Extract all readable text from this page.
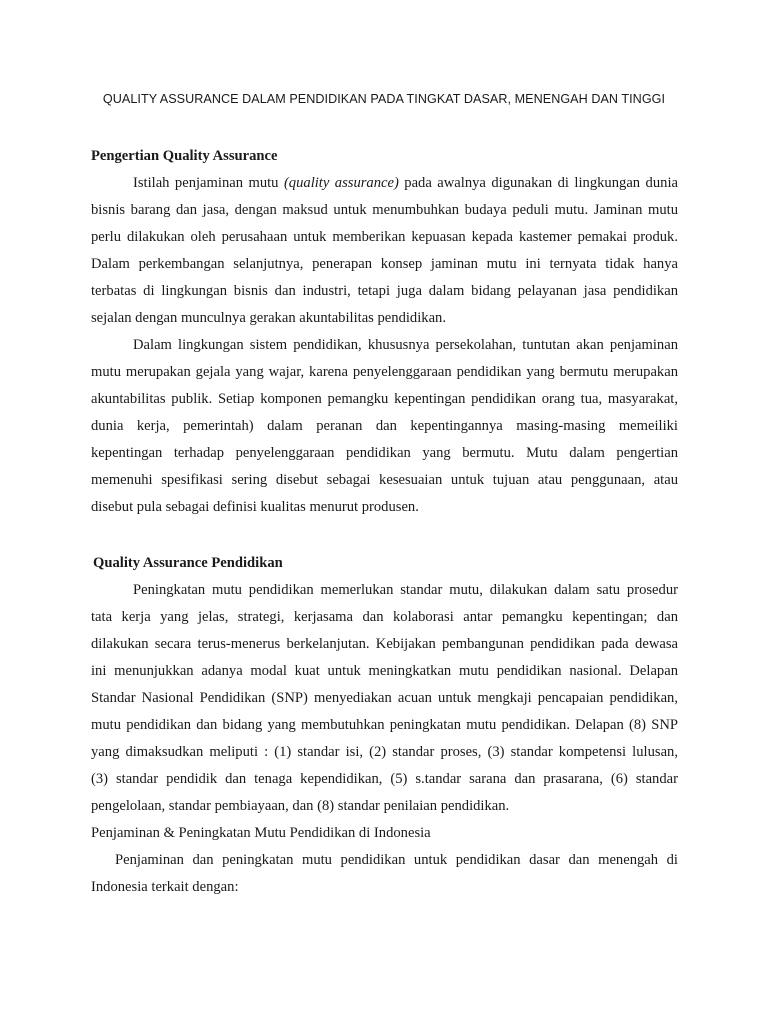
QUALITY ASSURANCE DALAM PENDIDIKAN PADA TINGKAT DASAR, MENENGAH DAN TINGGI
Pengertian Quality Assurance
Istilah penjaminan mutu (quality assurance) pada awalnya digunakan di lingkungan dunia
bisnis barang dan jasa, dengan maksud untuk menumbuhkan budaya peduli mutu. Jaminan mutu
perlu dilakukan oleh perusahaan untuk memberikan kepuasan kepada kastemer pemakai produk.
Dalam perkembangan selanjutnya, penerapan konsep jaminan mutu ini ternyata tidak hanya
terbatas di lingkungan bisnis dan industri, tetapi juga dalam bidang pelayanan jasa pendidikan
sejalan dengan munculnya gerakan akuntabilitas pendidikan.
Dalam lingkungan sistem pendidikan, khususnya persekolahan, tuntutan akan penjaminan
mutu merupakan gejala yang wajar, karena penyelenggaraan pendidikan yang bermutu merupakan
akuntabilitas publik. Setiap komponen pemangku kepentingan pendidikan orang tua, masyarakat,
dunia kerja, pemerintah) dalam peranan dan kepentingannya masing-masing memeiliki
kepentingan terhadap penyelenggaraan pendidikan yang bermutu. Mutu dalam pengertian
memenuhi spesifikasi sering disebut sebagai kesesuaian untuk tujuan atau penggunaan, atau
disebut pula sebagai definisi kualitas menurut produsen.
Quality Assurance Pendidikan
Peningkatan mutu pendidikan memerlukan standar mutu, dilakukan dalam satu prosedur
tata kerja yang jelas, strategi, kerjasama dan kolaborasi antar pemangku kepentingan; dan
dilakukan secara terus-menerus berkelanjutan. Kebijakan pembangunan pendidikan pada dewasa
ini menunjukkan adanya modal kuat untuk meningkatkan mutu pendidikan nasional. Delapan
Standar Nasional Pendidikan (SNP) menyediakan acuan untuk mengkaji pencapaian pendidikan,
mutu pendidikan dan bidang yang membutuhkan peningkatan mutu pendidikan. Delapan (8) SNP
yang dimaksudkan meliputi : (1) standar isi, (2) standar proses, (3) standar kompetensi lulusan,
(3) standar pendidik dan tenaga kependidikan, (5) s.tandar sarana dan prasarana, (6) standar
pengelolaan, standar pembiayaan, dan (8) standar penilaian pendidikan.
Penjaminan & Peningkatan Mutu Pendidikan di Indonesia
Penjaminan dan peningkatan mutu pendidikan untuk pendidikan dasar dan menengah di
Indonesia terkait dengan:
